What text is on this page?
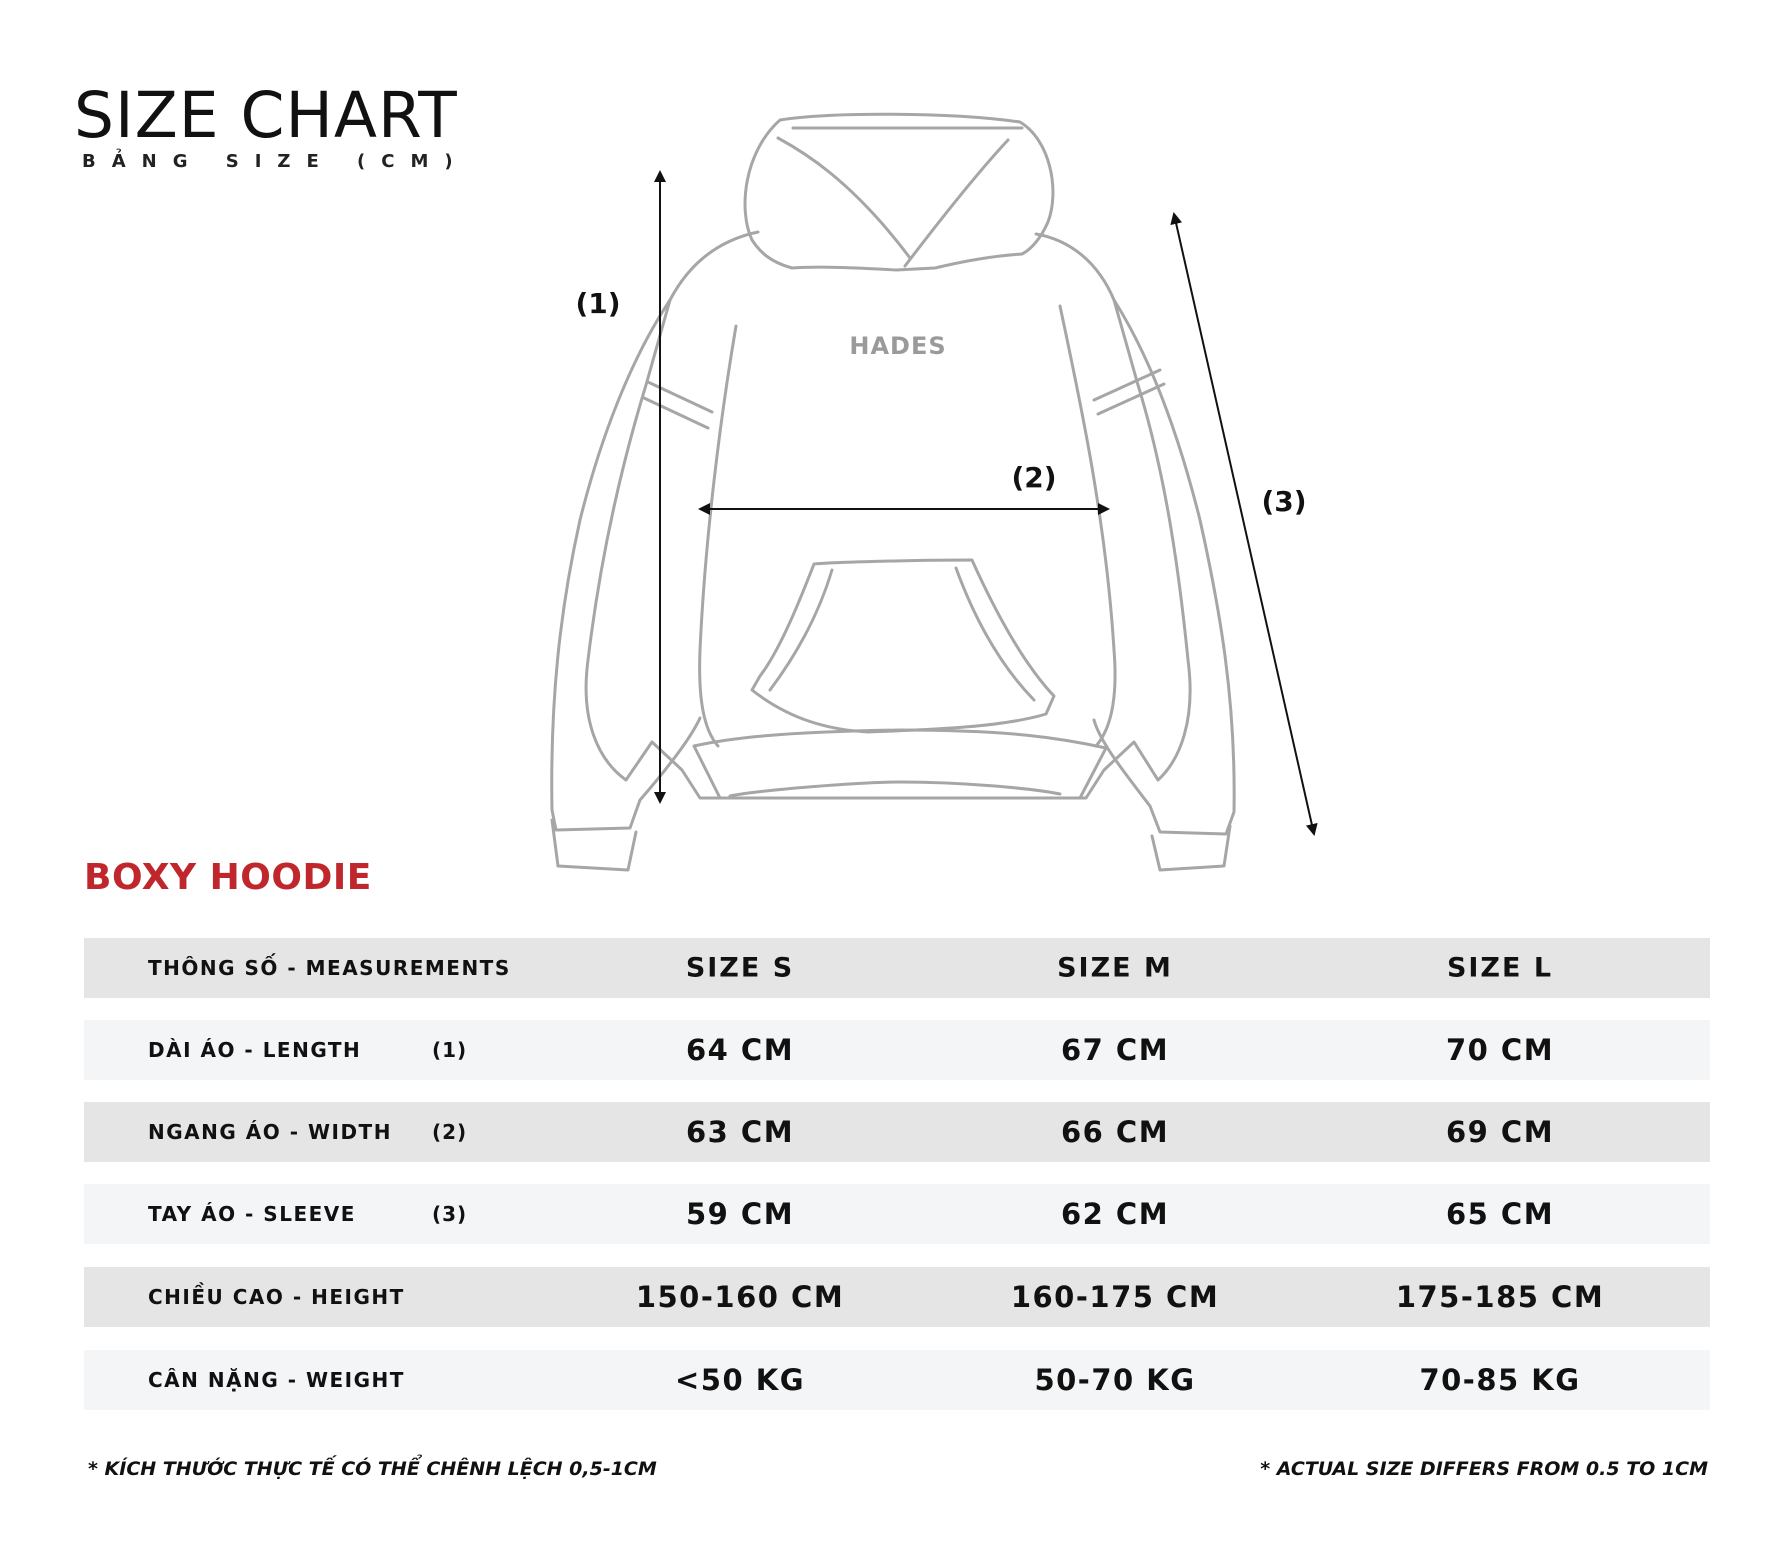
SIZE CHART
BẢNG SIZE (CM)
HADES
(1)
(2)
(3)
BOXY HOODIE
THÔNG SỐ - MEASUREMENTS	SIZE S	SIZE M	SIZE L
DÀI ÁO - LENGTH	(1)	64 CM	67 CM	70 CM
NGANG ÁO - WIDTH (2)	63 CM	66 CM	69 CM
TAY ÁO - SLEEVE	(3)	59 CM	62 CM	65 CM
CHIỀU CAO - HEIGHT	150-160 CM	160-175 CM	175-185 CM
CÂN NẶNG - WEIGHT	<50 KG	50-70 KG	70-85 KG
* KÍCH THƯỚC THỰC TẾ CÓ THỂ CHÊNH LỆCH 0,5-1CM	* ACTUAL SIZE DIFFERS FROM 0.5 TO 1CM
